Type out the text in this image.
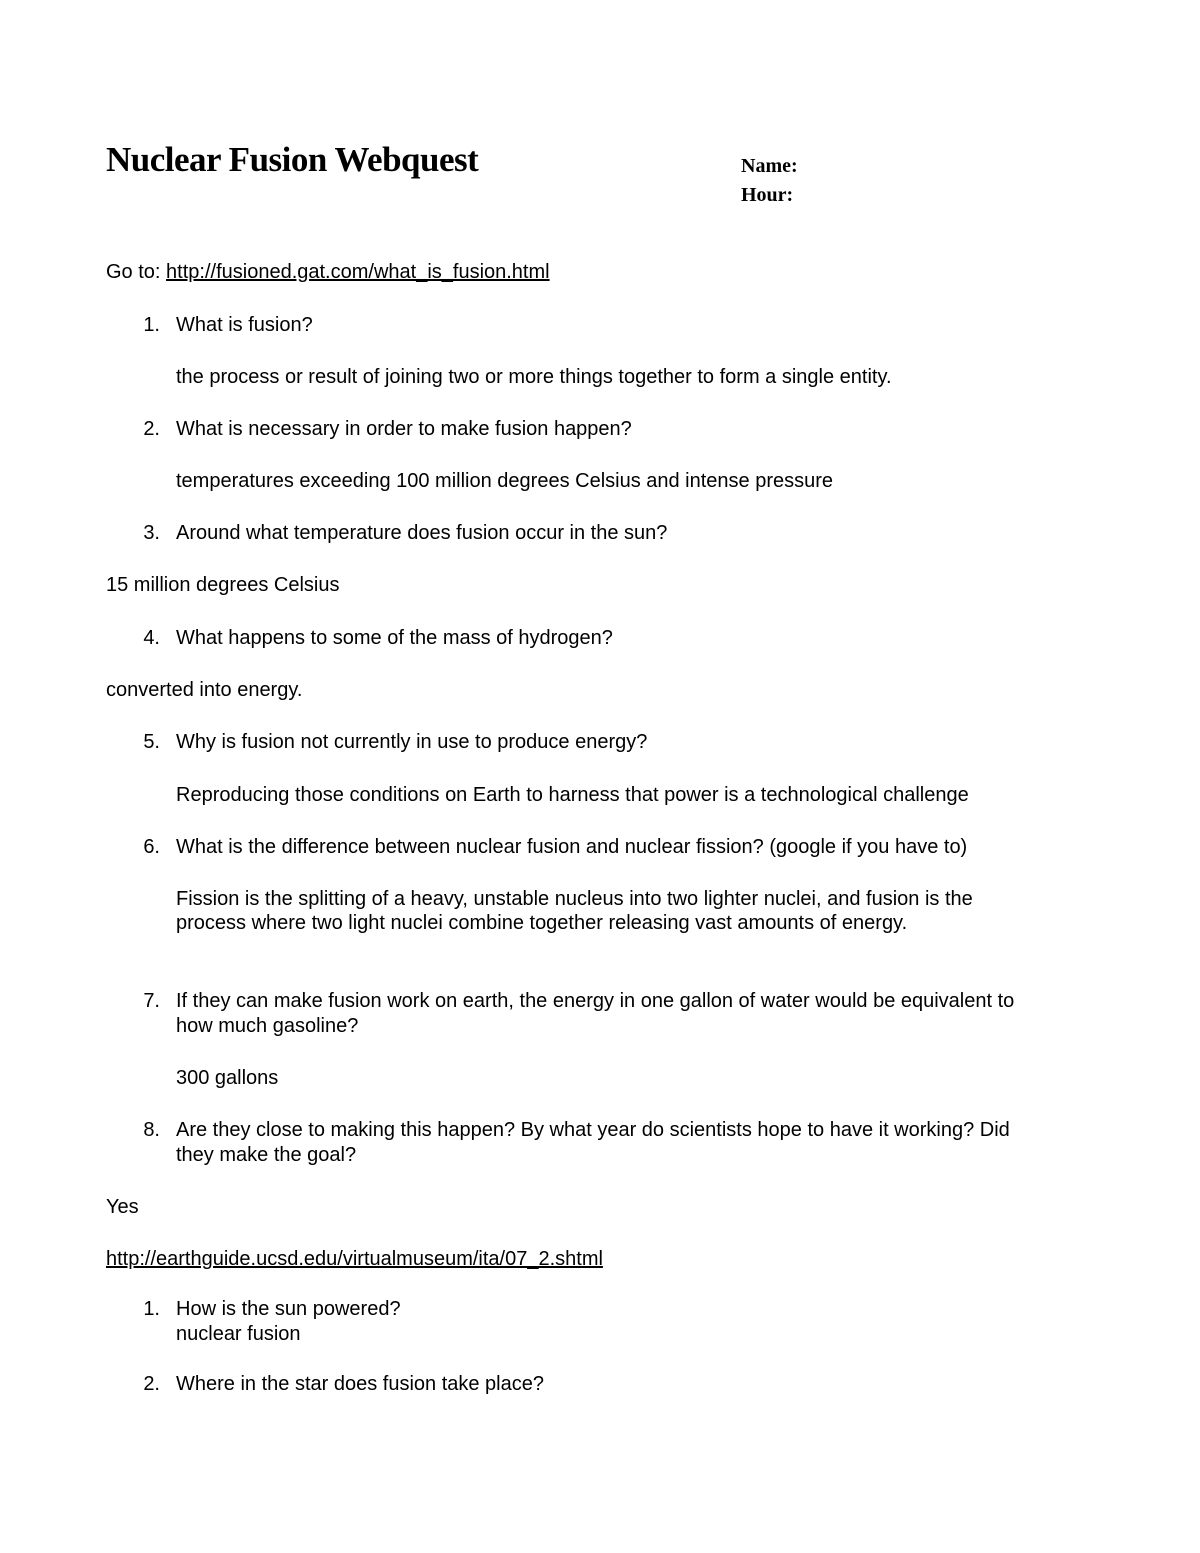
Nuclear Fusion Webquest	Name:
Hour:
Go to: http://fusioned.gat.com/what_is_fusion.html
1. What is fusion?
the process or result of joining two or more things together to form a single entity.
2. What is necessary in order to make fusion happen?
temperatures exceeding 100 million degrees Celsius and intense pressure
3. Around what temperature does fusion occur in the sun?
15 million degrees Celsius
4. What happens to some of the mass of hydrogen?
converted into energy.
5. Why is fusion not currently in use to produce energy?
Reproducing those conditions on Earth to harness that power is a technological challenge
6. What is the difference between nuclear fusion and nuclear fission? (google if you have to)
Fission is the splitting of a heavy, unstable nucleus into two lighter nuclei, and fusion is the
process where two light nuclei combine together releasing vast amounts of energy.
7. If they can make fusion work on earth, the energy in one gallon of water would be equivalent to
how much gasoline?
300 gallons
8. Are they close to making this happen? By what year do scientists hope to have it working? Did
they make the goal?
Yes
http://earthguide.ucsd.edu/virtualmuseum/ita/07_2.shtml
1. How is the sun powered?
nuclear fusion
2. Where in the star does fusion take place?
